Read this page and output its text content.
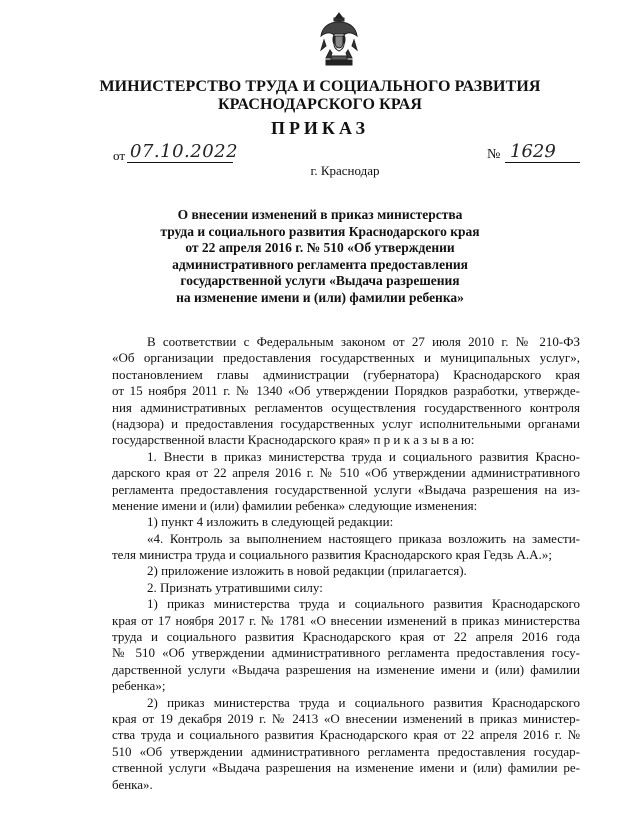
МИНИСТЕРСТВО ТРУДА И СОЦИАЛЬНОГО РАЗВИТИЯ
КРАСНОДАРСКОГО КРАЯ
ПРИКАЗ
от 07.10.2022	№ 1629
г. Краснодар
О внесении изменений в приказ министерства
труда и социального развития Краснодарского края
от 22 апреля 2016 г. № 510 «Об утверждении
административного регламента предоставления
государственной услуги «Выдача разрешения
на изменение имени и (или) фамилии ребенка»
В соответствии с Федеральным законом от 27 июля 2010 г. № 210-ФЗ
«Об организации предоставления государственных и муниципальных услуг»,
постановлением главы администрации (губернатора) Краснодарского края
от 15 ноября 2011 г. № 1340 «Об утверждении Порядков разработки, утвержде-
ния административных регламентов осуществления государственного контроля
(надзора) и предоставления государственных услуг исполнительными органами
государственной власти Краснодарского края» п р и к а з ы в а ю:
1. Внести в приказ министерства труда и социального развития Красно-
дарского края от 22 апреля 2016 г. № 510 «Об утверждении административного
регламента предоставления государственной услуги «Выдача разрешения на из-
менение имени и (или) фамилии ребенка» следующие изменения:
1) пункт 4 изложить в следующей редакции:
«4. Контроль за выполнением настоящего приказа возложить на замести-
теля министра труда и социального развития Краснодарского края Гедзь А.А.»;
2) приложение изложить в новой редакции (прилагается).
2. Признать утратившими силу:
1) приказ министерства труда и социального развития Краснодарского
края от 17 ноября 2017 г. № 1781 «О внесении изменений в приказ министерства
труда и социального развития Краснодарского края от 22 апреля 2016 года
№ 510 «Об утверждении административного регламента предоставления госу-
дарственной услуги «Выдача разрешения на изменение имени и (или) фамилии
ребенка»;
2) приказ министерства труда и социального развития Краснодарского
края от 19 декабря 2019 г. № 2413 «О внесении изменений в приказ министер-
ства труда и социального развития Краснодарского края от 22 апреля 2016 г. №
510 «Об утверждении административного регламента предоставления государ-
ственной услуги «Выдача разрешения на изменение имени и (или) фамилии ре-
бенка».
